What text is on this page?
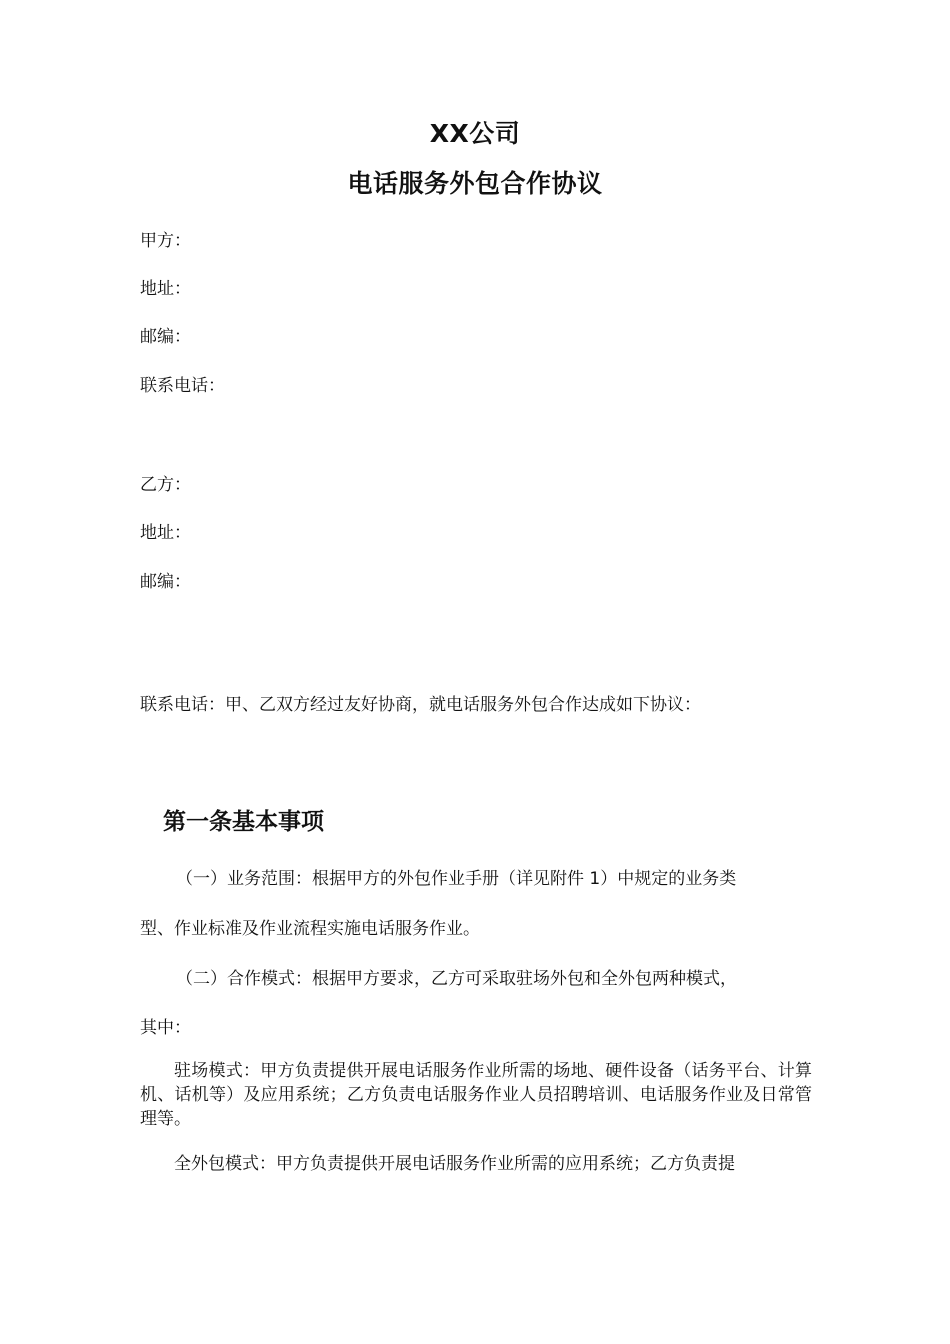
XX公司
电话服务外包合作协议
甲方：
地址：
邮编：
联系电话：
乙方：
地址：
邮编：
联系电话：甲、乙双方经过友好协商，就电话服务外包合作达成如下协议：
第一条基本事项
（一）业务范围：根据甲方的外包作业手册（详见附件 1）中规定的业务类
型、作业标准及作业流程实施电话服务作业。
（二）合作模式：根据甲方要求，乙方可采取驻场外包和全外包两种模式，
其中：
驻场模式：甲方负责提供开展电话服务作业所需的场地、硬件设备（话务平台、计算机、话机等）及应用系统；乙方负责电话服务作业人员招聘培训、电话服务作业及日常管理等。
全外包模式：甲方负责提供开展电话服务作业所需的应用系统；乙方负责提
